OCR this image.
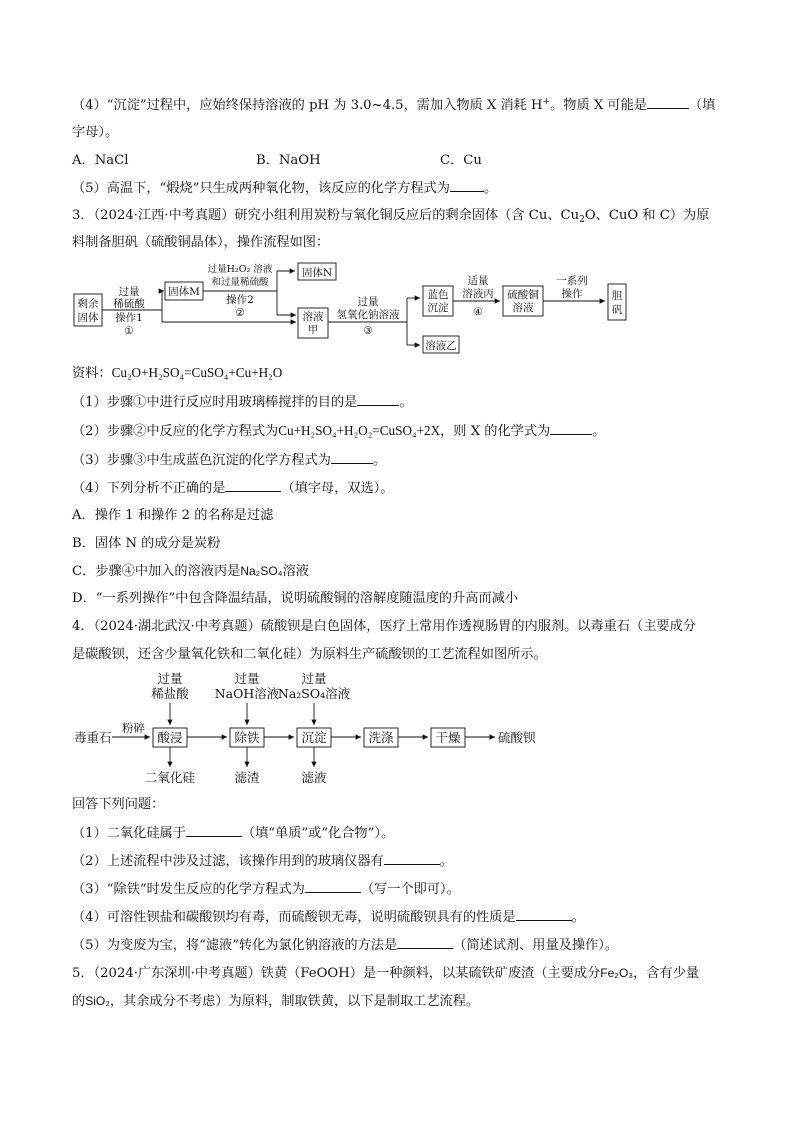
（4）“沉淀”过程中，应始终保持溶液的 pH 为 3.0~4.5，需加入物质 X 消耗 H+。物质 X 可能是	（填
字母）。
A．NaCl	B．NaOH	C．Cu
（5）高温下，“煅烧”只生成两种氧化物，该反应的化学方程式为	。
3．（2024·江西·中考真题）研究小组利用炭粉与氧化铜反应后的剩余固体（含 Cu、$Cu_2O$、CuO 和 C）为原
料制备胆矾（硫酸铜晶体），操作流程如图：
剩余
固体
过量
稀硫酸
操作1
①
固体M
过量H₂O₂ 溶液
和过量稀硫酸
操作2
②
固体N
溶液
甲
过量
氢氧化钠溶液
③
蓝色
沉淀
溶液乙
适量
溶液丙
④
硫酸铜
溶液
一系列
操作	胆
矾
资料：Cu₂O+H₂SO₄=CuSO₄+Cu+H₂O
（1）步骤①中进行反应时用玻璃棒搅拌的目的是	。
（2）步骤②中反应的化学方程式为Cu+H₂SO₄+H₂O₂=CuSO₄+2X，则 X 的化学式为	。
（3）步骤③中生成蓝色沉淀的化学方程式为	。
（4）下列分析不正确的是	（填字母，双选）。
A．操作 1 和操作 2 的名称是过滤
B．固体 N 的成分是炭粉
C．步骤④中加入的溶液丙是Na₂SO₄溶液
D．“一系列操作”中包含降温结晶，说明硫酸铜的溶解度随温度的升高而减小
4．（2024·湖北武汉·中考真题）硫酸钡是白色固体，医疗上常用作透视肠胃的内服剂。以毒重石（主要成分
是碳酸钡，还含少量氧化铁和二氧化硅）为原料生产硫酸钡的工艺流程如图所示。
毒重石
粉碎
过量
稀盐酸
过量
NaOH溶液
过量
Na₂SO₄溶液
酸浸	除铁	沉淀	洗涤	干燥	硫酸钡
二氧化硅	滤渣	滤液
回答下列问题：
（1）二氧化硅属于	（填“单质”或“化合物”）。
（2）上述流程中涉及过滤，该操作用到的玻璃仪器有	。
（3）“除铁”时发生反应的化学方程式为	（写一个即可）。
（4）可溶性钡盐和碳酸钡均有毒，而硫酸钡无毒，说明硫酸钡具有的性质是	。
（5）为变废为宝，将“滤液”转化为氯化钠溶液的方法是	（简述试剂、用量及操作）。
5．（2024·广东深圳·中考真题）铁黄（FeOOH）是一种颜料，以某硫铁矿废渣（主要成分Fe₂O₃，含有少量
的SiO₂，其余成分不考虑）为原料，制取铁黄，以下是制取工艺流程。
